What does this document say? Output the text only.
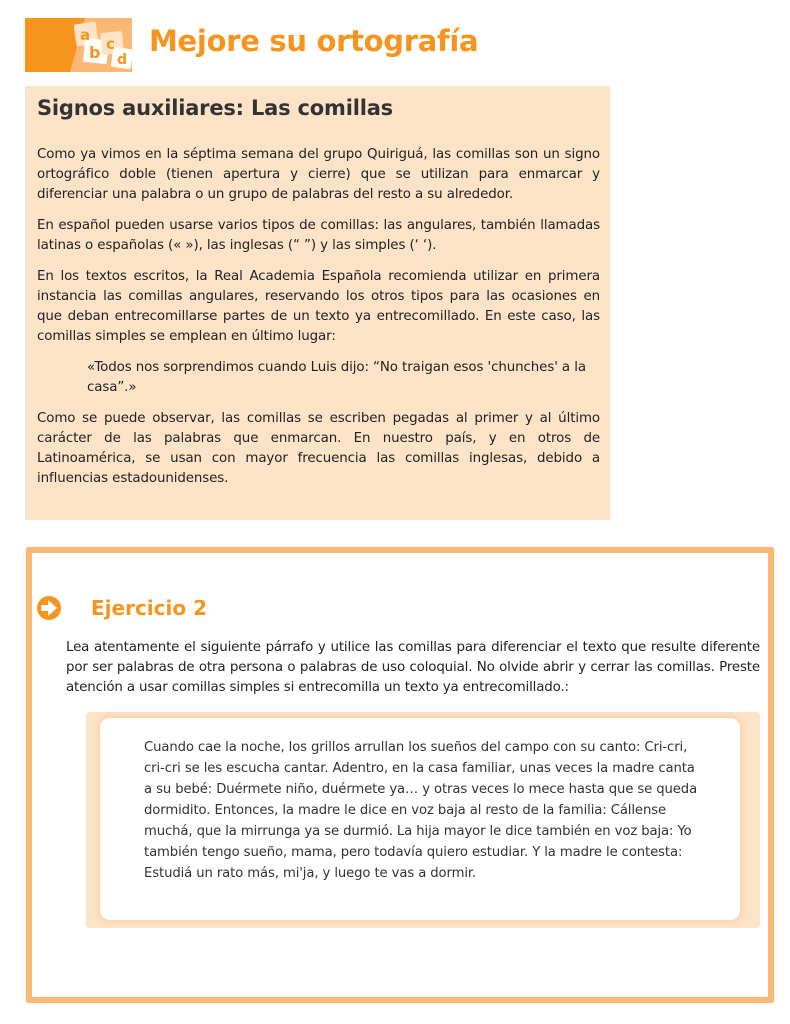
a
b c
d
Mejore su ortografía
Signos auxiliares: Las comillas

Como ya vimos en la séptima semana del grupo Quiriguá, las comillas son un signo ortográfico doble (tienen apertura y cierre) que se utilizan para enmarcar y diferenciar una palabra o un grupo de palabras del resto a su alrededor.

En español pueden usarse varios tipos de comillas: las angulares, también llamadas latinas o españolas (« »), las inglesas (“ ”) y las simples (‘ ‘).

En los textos escritos, la Real Academia Española recomienda utilizar en primera instancia las comillas angulares, reservando los otros tipos para las ocasiones en que deban entrecomillarse partes de un texto ya entrecomillado. En este caso, las comillas simples se emplean en último lugar:

«Todos nos sorprendimos cuando Luis dijo: “No traigan esos 'chunches' a la casa”.»

Como se puede observar, las comillas se escriben pegadas al primer y al último carácter de las palabras que enmarcan. En nuestro país, y en otros de Latinoamérica, se usan con mayor frecuencia las comillas inglesas, debido a influencias estadounidenses.

Ejercicio 2

Lea atentamente el siguiente párrafo y utilice las comillas para diferenciar el texto que resulte diferente por ser palabras de otra persona o palabras de uso coloquial. No olvide abrir y cerrar las comillas. Preste atención a usar comillas simples si entrecomilla un texto ya entrecomillado.:

Cuando cae la noche, los grillos arrullan los sueños del campo con su canto: Cri-cri, cri-cri se les escucha cantar. Adentro, en la casa familiar, unas veces la madre canta a su bebé: Duérmete niño, duérmete ya… y otras veces lo mece hasta que se queda dormidito. Entonces, la madre le dice en voz baja al resto de la familia: Cállense muchá, que la mirrunga ya se durmió. La hija mayor le dice también en voz baja: Yo también tengo sueño, mama, pero todavía quiero estudiar. Y la madre le contesta: Estudiá un rato más, mi'ja, y luego te vas a dormir.
